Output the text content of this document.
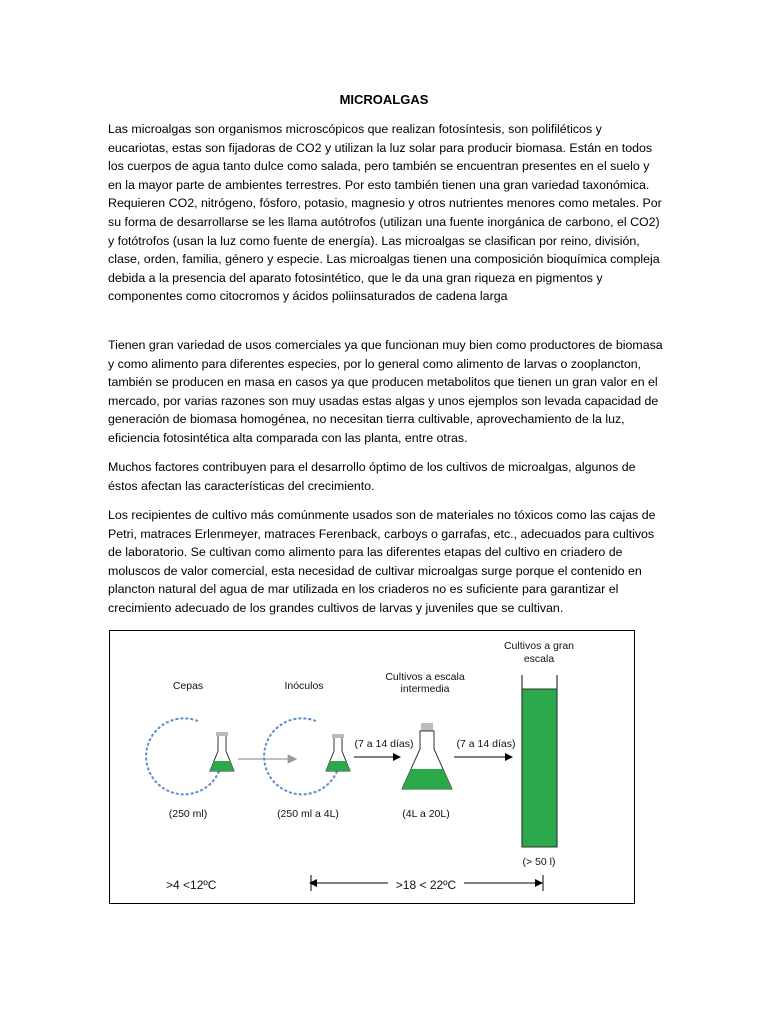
MICROALGAS

Las microalgas son organismos microscópicos que realizan fotosíntesis, son polifiléticos y eucariotas, estas son fijadoras de CO2 y utilizan la luz solar para producir biomasa. Están en todos los cuerpos de agua tanto dulce como salada, pero también se encuentran presentes en el suelo y en la mayor parte de ambientes terrestres. Por esto también tienen una gran variedad taxonómica. Requieren CO2, nitrógeno, fósforo, potasio, magnesio y otros nutrientes menores como metales. Por su forma de desarrollarse se les llama autótrofos (utilizan una fuente inorgánica de carbono, el CO2) y fotótrofos (usan la luz como fuente de energía). Las microalgas se clasifican por reino, división, clase, orden, familia, género y especie. Las microalgas tienen una composición bioquímica compleja debida a la presencia del aparato fotosintético, que le da una gran riqueza en pigmentos y componentes como citocromos y ácidos poliinsaturados de cadena larga

Tienen gran variedad de usos comerciales ya que funcionan muy bien como productores de biomasa y como alimento para diferentes especies, por lo general como alimento de larvas o zooplancton, también se producen en masa en casos ya que producen metabolitos que tienen un gran valor en el mercado, por varias razones son muy usadas estas algas y unos ejemplos son levada capacidad de generación de biomasa homogénea, no necesitan tierra cultivable, aprovechamiento de la luz, eficiencia fotosintética alta comparada con las planta, entre otras.

Muchos factores contribuyen para el desarrollo óptimo de los cultivos de microalgas, algunos de éstos afectan las características del crecimiento.

Los recipientes de cultivo más comúnmente usados son de materiales no tóxicos como las cajas de Petri, matraces Erlenmeyer, matraces Ferenback, carboys o garrafas, etc., adecuados para cultivos de laboratorio. Se cultivan como alimento para las diferentes etapas del cultivo en criadero de moluscos de valor comercial, esta necesidad de cultivar microalgas surge porque el contenido en plancton natural del agua de mar utilizada en los criaderos no es suficiente para garantizar el crecimiento adecuado de los grandes cultivos de larvas y juveniles que se cultivan.

Cepas	Inóculos
Cultivos a escala
intermedia
Cultivos a gran
escala
(7 a 14 días)	(7 a 14 días)
(250 ml)	(250 ml a 4L)	(4L a 20L)
(> 50 l)
>4 <12ºC	>18 < 22ºC
